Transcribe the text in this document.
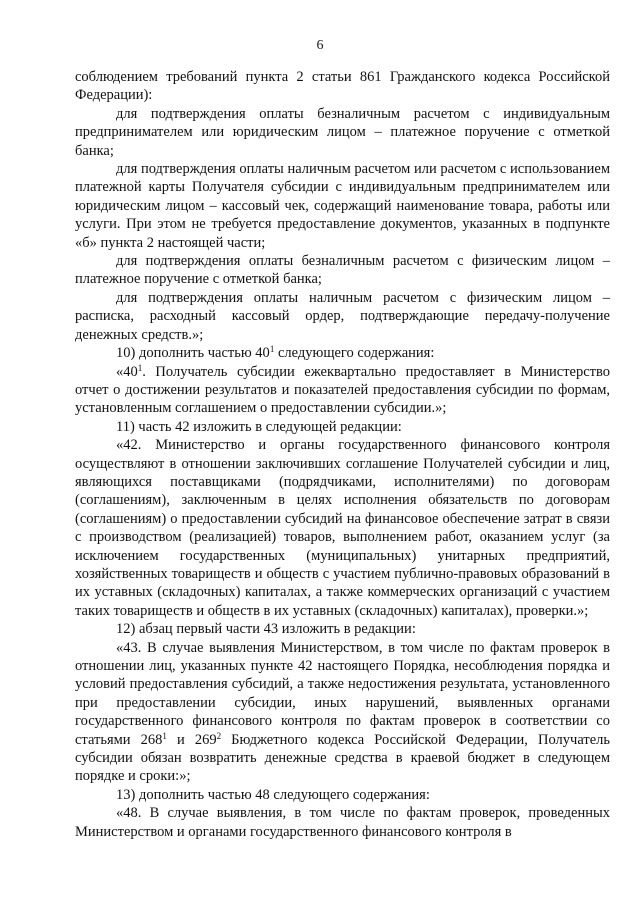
6

соблюдением требований пункта 2 статьи 861 Гражданского кодекса Российской Федерации):

для подтверждения оплаты безналичным расчетом с индивидуальным предпринимателем или юридическим лицом – платежное поручение с отметкой банка;

для подтверждения оплаты наличным расчетом или расчетом с использованием платежной карты Получателя субсидии с индивидуальным предпринимателем или юридическим лицом – кассовый чек, содержащий наименование товара, работы или услуги. При этом не требуется предоставление документов, указанных в подпункте «б» пункта 2 настоящей части;

для подтверждения оплаты безналичным расчетом с физическим лицом – платежное поручение с отметкой банка;

для подтверждения оплаты наличным расчетом с физическим лицом – расписка, расходный кассовый ордер, подтверждающие передачу-получение денежных средств.»;

10) дополнить частью $40^1$ следующего содержания:

«$40^1$. Получатель субсидии ежеквартально предоставляет в Министерство отчет о достижении результатов и показателей предоставления субсидии по формам, установленным соглашением о предоставлении субсидии.»;

11) часть 42 изложить в следующей редакции:

«42. Министерство и органы государственного финансового контроля осуществляют в отношении заключивших соглашение Получателей субсидии и лиц, являющихся поставщиками (подрядчиками, исполнителями) по договорам (соглашениям), заключенным в целях исполнения обязательств по договорам (соглашениям) о предоставлении субсидий на финансовое обеспечение затрат в связи с производством (реализацией) товаров, выполнением работ, оказанием услуг (за исключением государственных (муниципальных) унитарных предприятий, хозяйственных товариществ и обществ с участием публично-правовых образований в их уставных (складочных) капиталах, а также коммерческих организаций с участием таких товариществ и обществ в их уставных (складочных) капиталах), проверки.»;

12) абзац первый части 43 изложить в редакции:

«43. В случае выявления Министерством, в том числе по фактам проверок в отношении лиц, указанных пункте 42 настоящего Порядка, несоблюдения порядка и условий предоставления субсидий, а также недостижения результата, установленного при предоставлении субсидии, иных нарушений, выявленных органами государственного финансового контроля по фактам проверок в соответствии со статьями $268^1$ и $269^2$ Бюджетного кодекса Российской Федерации, Получатель субсидии обязан возвратить денежные средства в краевой бюджет в следующем порядке и сроки:»;

13) дополнить частью 48 следующего содержания:

«48. В случае выявления, в том числе по фактам проверок, проведенных Министерством и органами государственного финансового контроля в
